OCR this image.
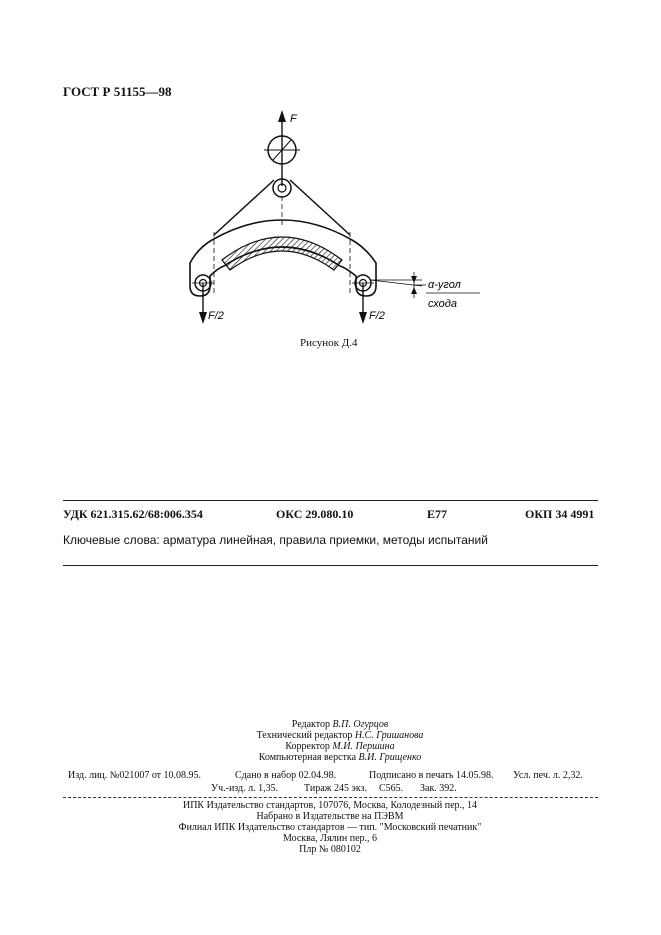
ГОСТ Р 51155—98
F
F/2	F/2
α-угол
схода
Рисунок Д.4
УДК 621.315.62/68:006.354	ОКС 29.080.10	Е77	ОКП 34 4991
Ключевые слова: арматура линейная, правила приемки, методы испытаний
Редактор В.П. Огурцов
Технический редактор Н.С. Гришанова
Корректор М.И. Першина
Компьютерная верстка В.И. Грищенко
Изд. лиц. №021007 от 10.08.95.	Сдано в набор 02.04.98.	Подписано в печать 14.05.98. Усл. печ. л. 2,32.
Уч.-изд. л. 1,35.	Тираж 245 экз. С565. Зак. 392.
ИПК Издательство стандартов, 107076, Москва, Колодезный пер., 14
Набрано в Издательстве на ПЭВМ
Филиал ИПК Издательство стандартов — тип. "Московский печатник"
Москва, Лялин пер., 6
Плр № 080102
